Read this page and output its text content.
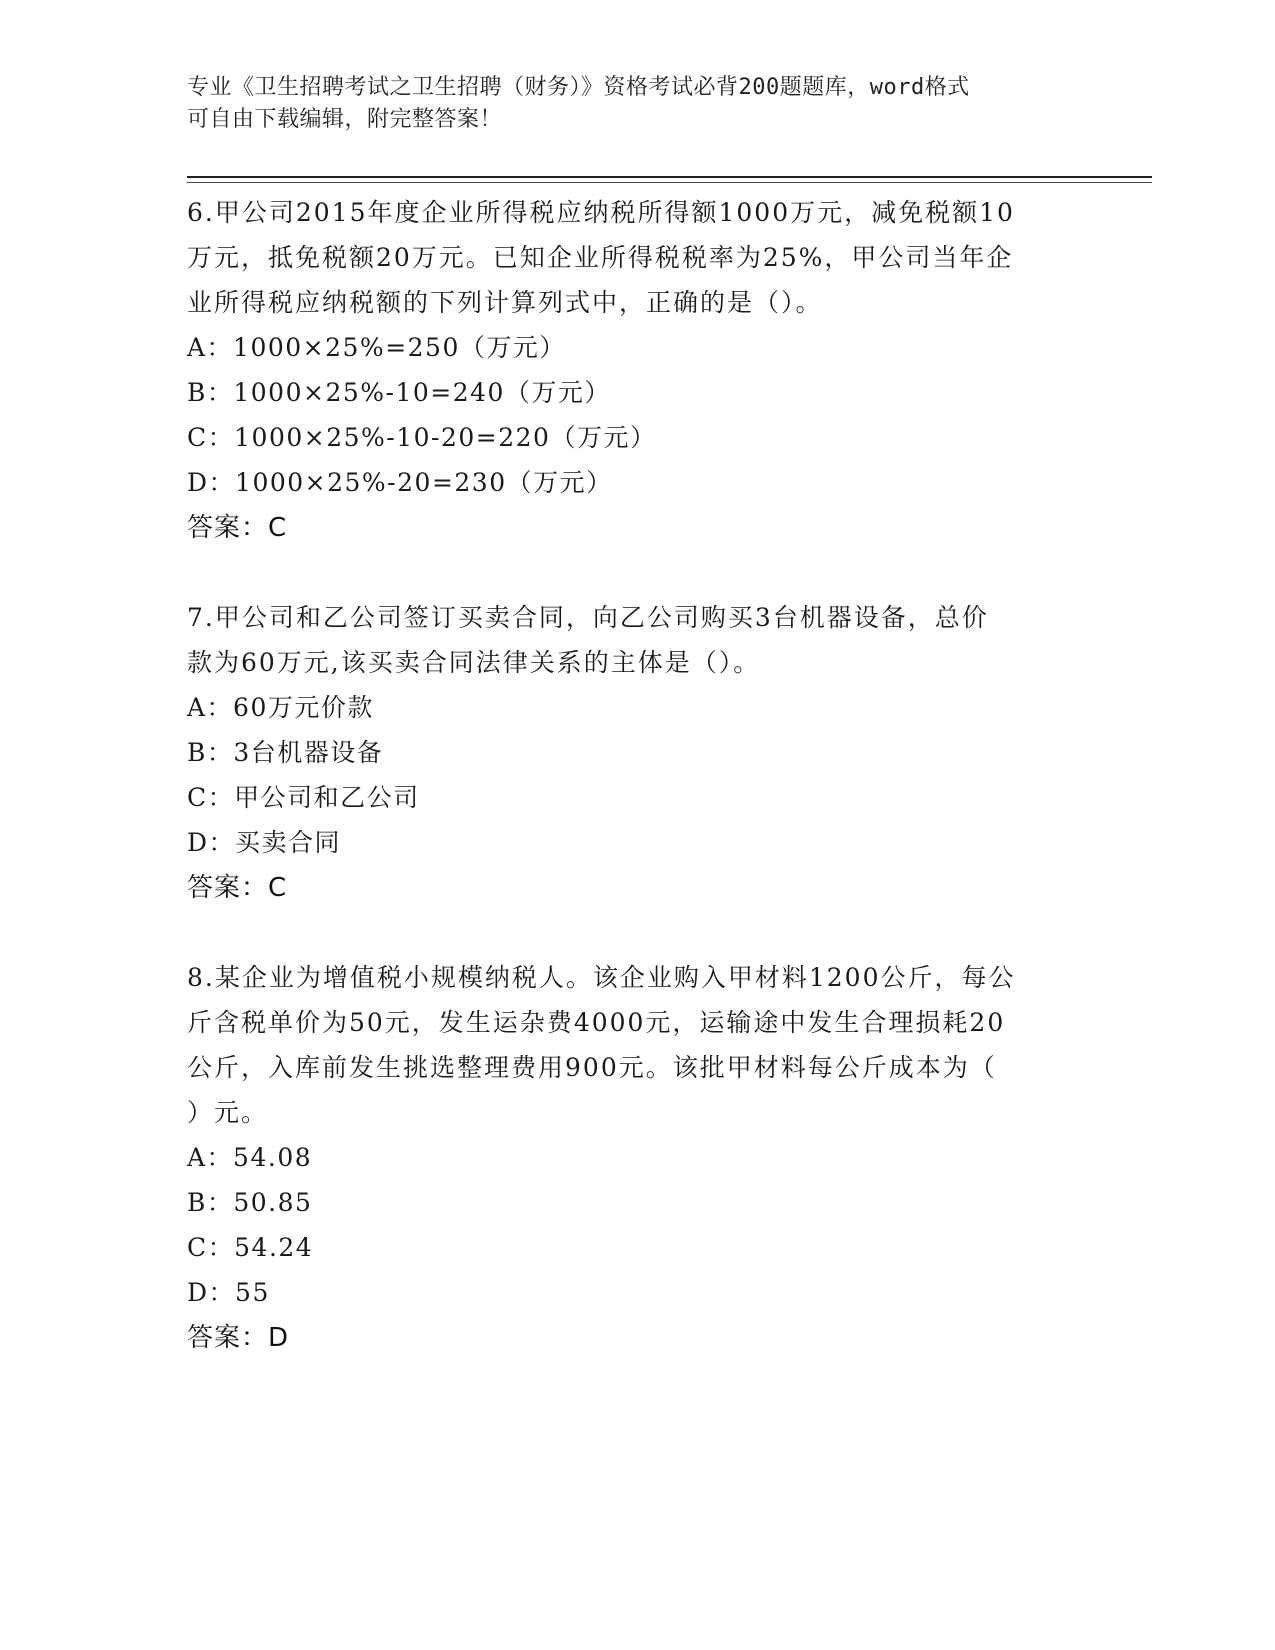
专业《卫生招聘考试之卫生招聘（财务）》资格考试必背200题题库，word格式
可自由下载编辑，附完整答案！
6.甲公司2015年度企业所得税应纳税所得额1000万元，减免税额10
万元，抵免税额20万元。已知企业所得税税率为25%，甲公司当年企
业所得税应纳税额的下列计算列式中，正确的是（）。
A：1000×25%=250（万元）
B：1000×25%-10=240（万元）
C：1000×25%-10-20=220（万元）
D：1000×25%-20=230（万元）
答案：C
7.甲公司和乙公司签订买卖合同，向乙公司购买3台机器设备，总价
款为60万元,该买卖合同法律关系的主体是（）。
A：60万元价款
B：3台机器设备
C：甲公司和乙公司
D：买卖合同
答案：C
8.某企业为增值税小规模纳税人。该企业购入甲材料1200公斤，每公
斤含税单价为50元，发生运杂费4000元，运输途中发生合理损耗20
公斤，入库前发生挑选整理费用900元。该批甲材料每公斤成本为（
）元。
A：54.08
B：50.85
C：54.24
D：55
答案：D
